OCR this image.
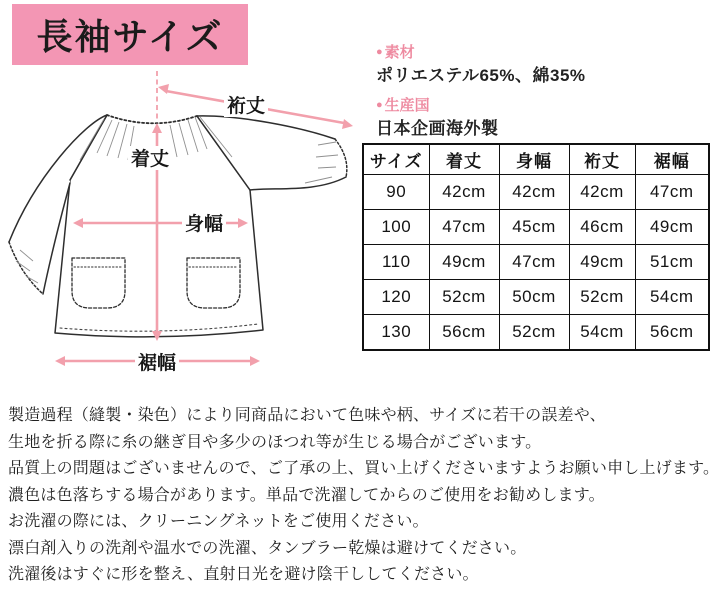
長袖サイズ
裄丈
着丈
身幅
裾幅
● 素材
ポリエステル65%、綿35%
● 生産国
日本企画海外製
サイズ	着丈	身幅	裄丈	裾幅
90	42cm	42cm	42cm	47cm
100	47cm	45cm	46cm	49cm
110	49cm	47cm	49cm	51cm
120	52cm	50cm	52cm	54cm
130	56cm	52cm	54cm	56cm
製造過程（縫製・染色）により同商品において色味や柄、サイズに若干の誤差や、
生地を折る際に糸の継ぎ目や多少のほつれ等が生じる場合がございます。
品質上の問題はございませんので、ご了承の上、買い上げくださいますようお願い申し上げます。
濃色は色落ちする場合があります。単品で洗濯してからのご使用をお勧めします。
お洗濯の際には、クリーニングネットをご使用ください。
漂白剤入りの洗剤や温水での洗濯、タンブラー乾燥は避けてください。
洗濯後はすぐに形を整え、直射日光を避け陰干ししてください。
